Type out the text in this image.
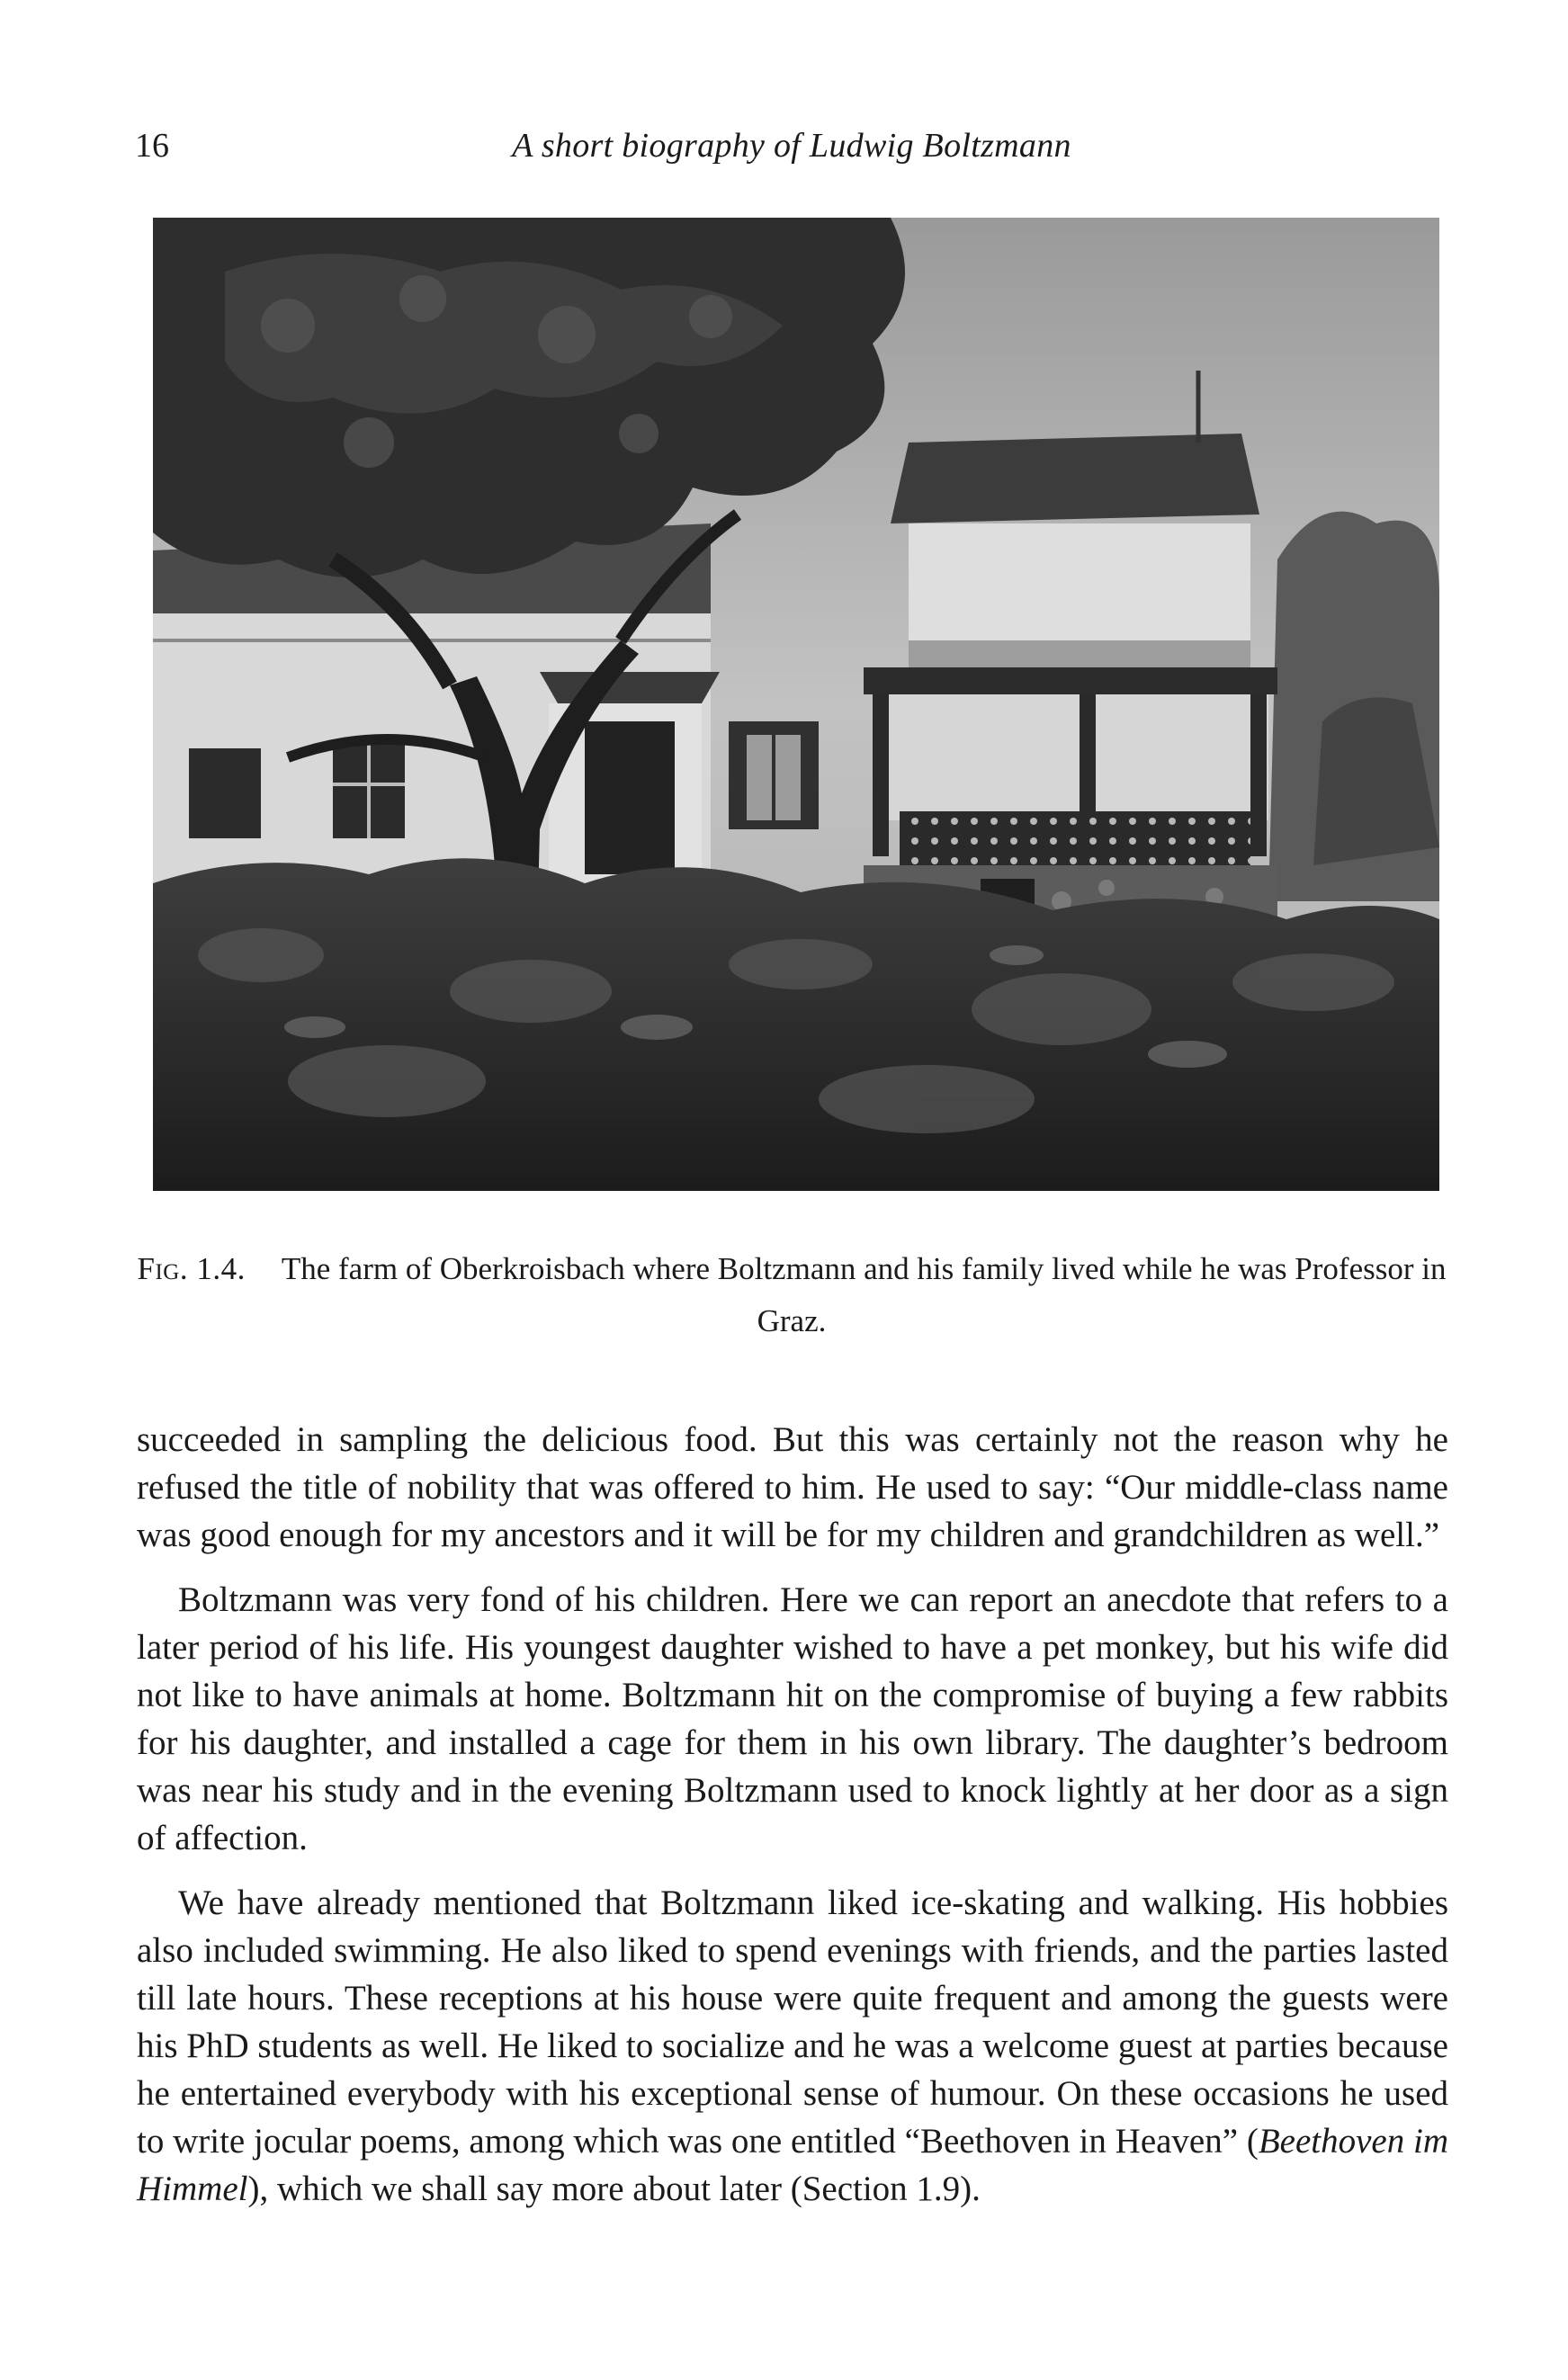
16	A short biography of Ludwig Boltzmann
Fig. 1.4. The farm of Oberkroisbach where Boltzmann and his family lived while he was Professor in Graz.

succeeded in sampling the delicious food. But this was certainly not the reason why he refused the title of nobility that was offered to him. He used to say: “Our middle-class name was good enough for my ancestors and it will be for my children and grandchildren as well.”

Boltzmann was very fond of his children. Here we can report an anecdote that refers to a later period of his life. His youngest daughter wished to have a pet monkey, but his wife did not like to have animals at home. Boltzmann hit on the compromise of buying a few rabbits for his daughter, and installed a cage for them in his own library. The daughter’s bedroom was near his study and in the evening Boltzmann used to knock lightly at her door as a sign of affection.

We have already mentioned that Boltzmann liked ice-skating and walking. His hobbies also included swimming. He also liked to spend evenings with friends, and the parties lasted till late hours. These receptions at his house were quite frequent and among the guests were his PhD students as well. He liked to socialize and he was a welcome guest at parties because he entertained everybody with his exceptional sense of humour. On these occasions he used to write jocular poems, among which was one entitled “Beethoven in Heaven” (Beethoven im Himmel), which we shall say more about later (Section 1.9).
